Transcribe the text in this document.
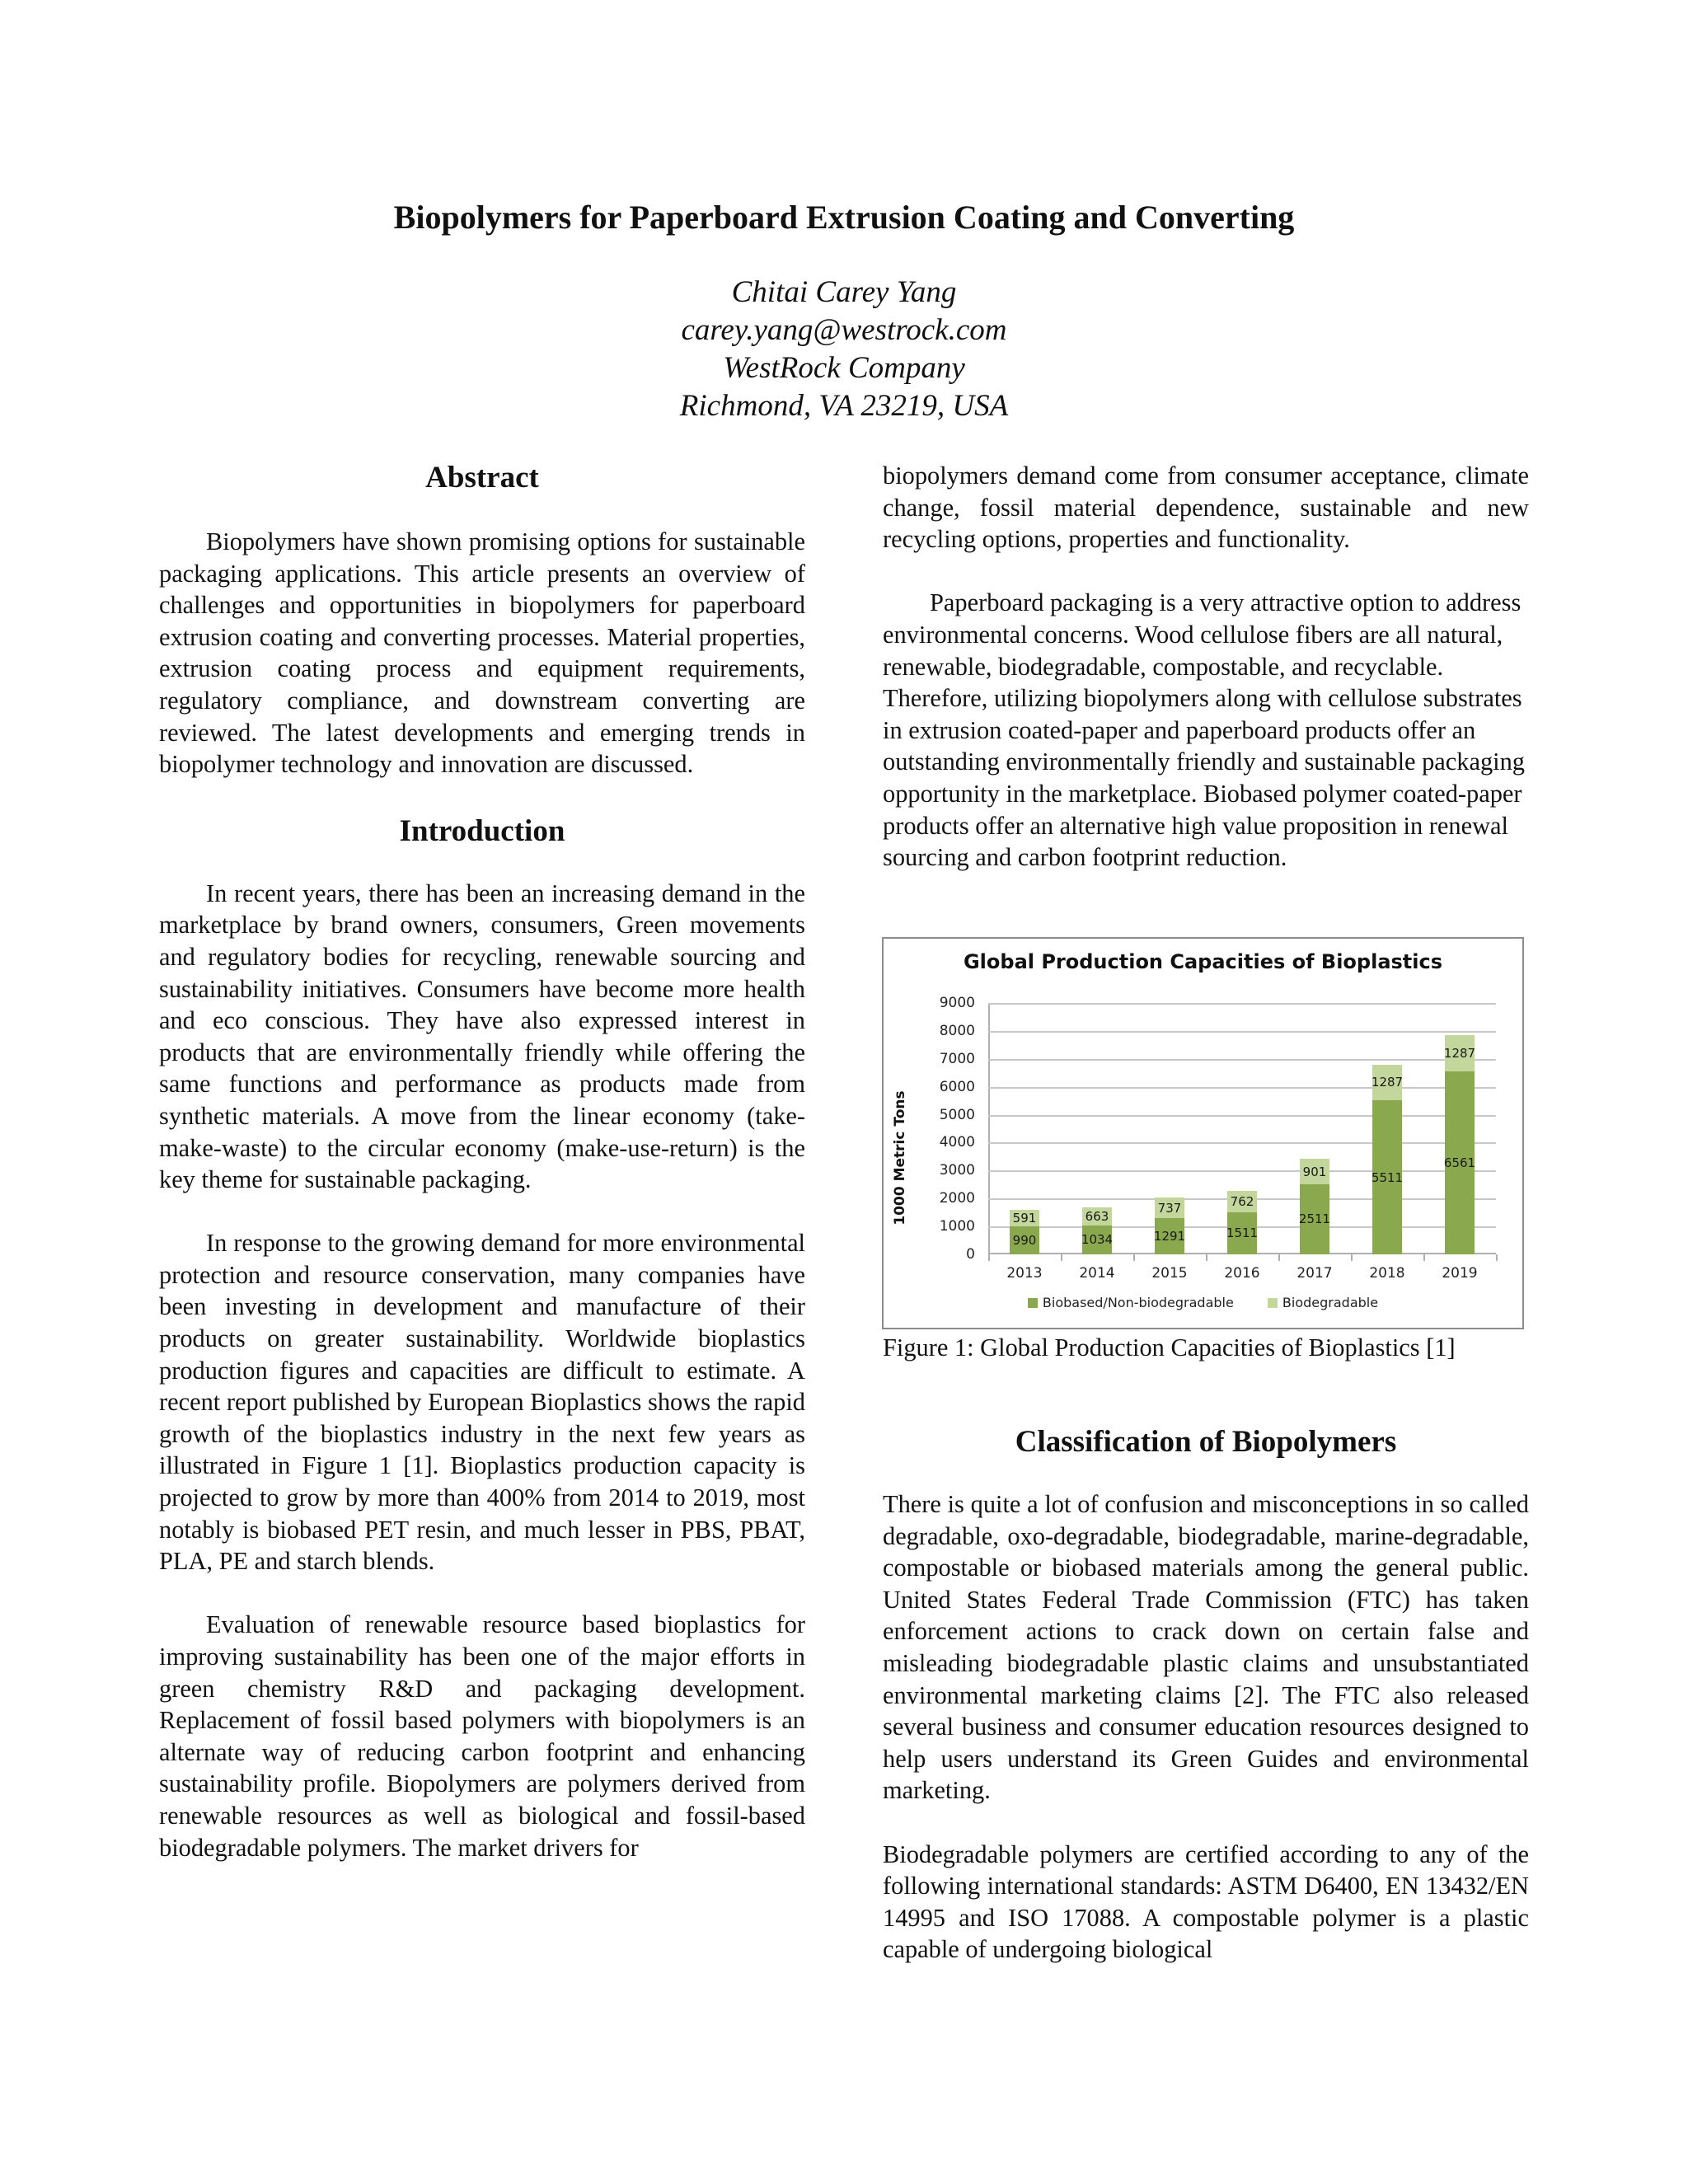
Biopolymers for Paperboard Extrusion Coating and Converting
Chitai Carey Yang
carey.yang@westrock.com
WestRock Company
Richmond, VA 23219, USA
Abstract

Biopolymers have shown promising options for sustainable packaging applications. This article presents an overview of challenges and opportunities in biopolymers for paperboard extrusion coating and converting processes. Material properties, extrusion coating process and equipment requirements, regulatory compliance, and downstream converting are reviewed. The latest developments and emerging trends in biopolymer technology and innovation are discussed.

Introduction

In recent years, there has been an increasing demand in the marketplace by brand owners, consumers, Green movements and regulatory bodies for recycling, renewable sourcing and sustainability initiatives. Consumers have become more health and eco conscious. They have also expressed interest in products that are environmentally friendly while offering the same functions and performance as products made from synthetic materials. A move from the linear economy (take-make-waste) to the circular economy (make-use-return) is the key theme for sustainable packaging.

In response to the growing demand for more environmental protection and resource conservation, many companies have been investing in development and manufacture of their products on greater sustainability. Worldwide bioplastics production figures and capacities are difficult to estimate. A recent report published by European Bioplastics shows the rapid growth of the bioplastics industry in the next few years as illustrated in Figure 1 [1]. Bioplastics production capacity is projected to grow by more than 400% from 2014 to 2019, most notably is biobased PET resin, and much lesser in PBS, PBAT, PLA, PE and starch blends.

Evaluation of renewable resource based bioplastics for improving sustainability has been one of the major efforts in green chemistry R&D and packaging development. Replacement of fossil based polymers with biopolymers is an alternate way of reducing carbon footprint and enhancing sustainability profile. Biopolymers are polymers derived from renewable resources as well as biological and fossil-based biodegradable polymers. The market drivers for

biopolymers demand come from consumer acceptance, climate change, fossil material dependence, sustainable and new recycling options, properties and functionality.

Paperboard packaging is a very attractive option to address environmental concerns. Wood cellulose fibers are all natural, renewable, biodegradable, compostable, and recyclable. Therefore, utilizing biopolymers along with cellulose substrates in extrusion coated-paper and paperboard products offer an outstanding environmentally friendly and sustainable packaging opportunity in the marketplace. Biobased polymer coated-paper products offer an alternative high value proposition in renewal sourcing and carbon footprint reduction.

Global Production Capacities of Bioplastics
1000 Metric Tons
0
1000
2000
3000
4000
5000
6000
7000
8000
9000
990
591
2013
1034
663
2014
1291
737
2015
1511
762
2016
2511
901
2017
5511
1287
2018
6561
1287
2019
Biobased/Non-biodegradable	Biodegradable
Figure 1: Global Production Capacities of Bioplastics [1]
Classification of Biopolymers

There is quite a lot of confusion and misconceptions in so called degradable, oxo-degradable, biodegradable, marine-degradable, compostable or biobased materials among the general public. United States Federal Trade Commission (FTC) has taken enforcement actions to crack down on certain false and misleading biodegradable plastic claims and unsubstantiated environmental marketing claims [2]. The FTC also released several business and consumer education resources designed to help users understand its Green Guides and environmental marketing.

Biodegradable polymers are certified according to any of the following international standards: ASTM D6400, EN 13432/EN 14995 and ISO 17088. A compostable polymer is a plastic capable of undergoing biological
